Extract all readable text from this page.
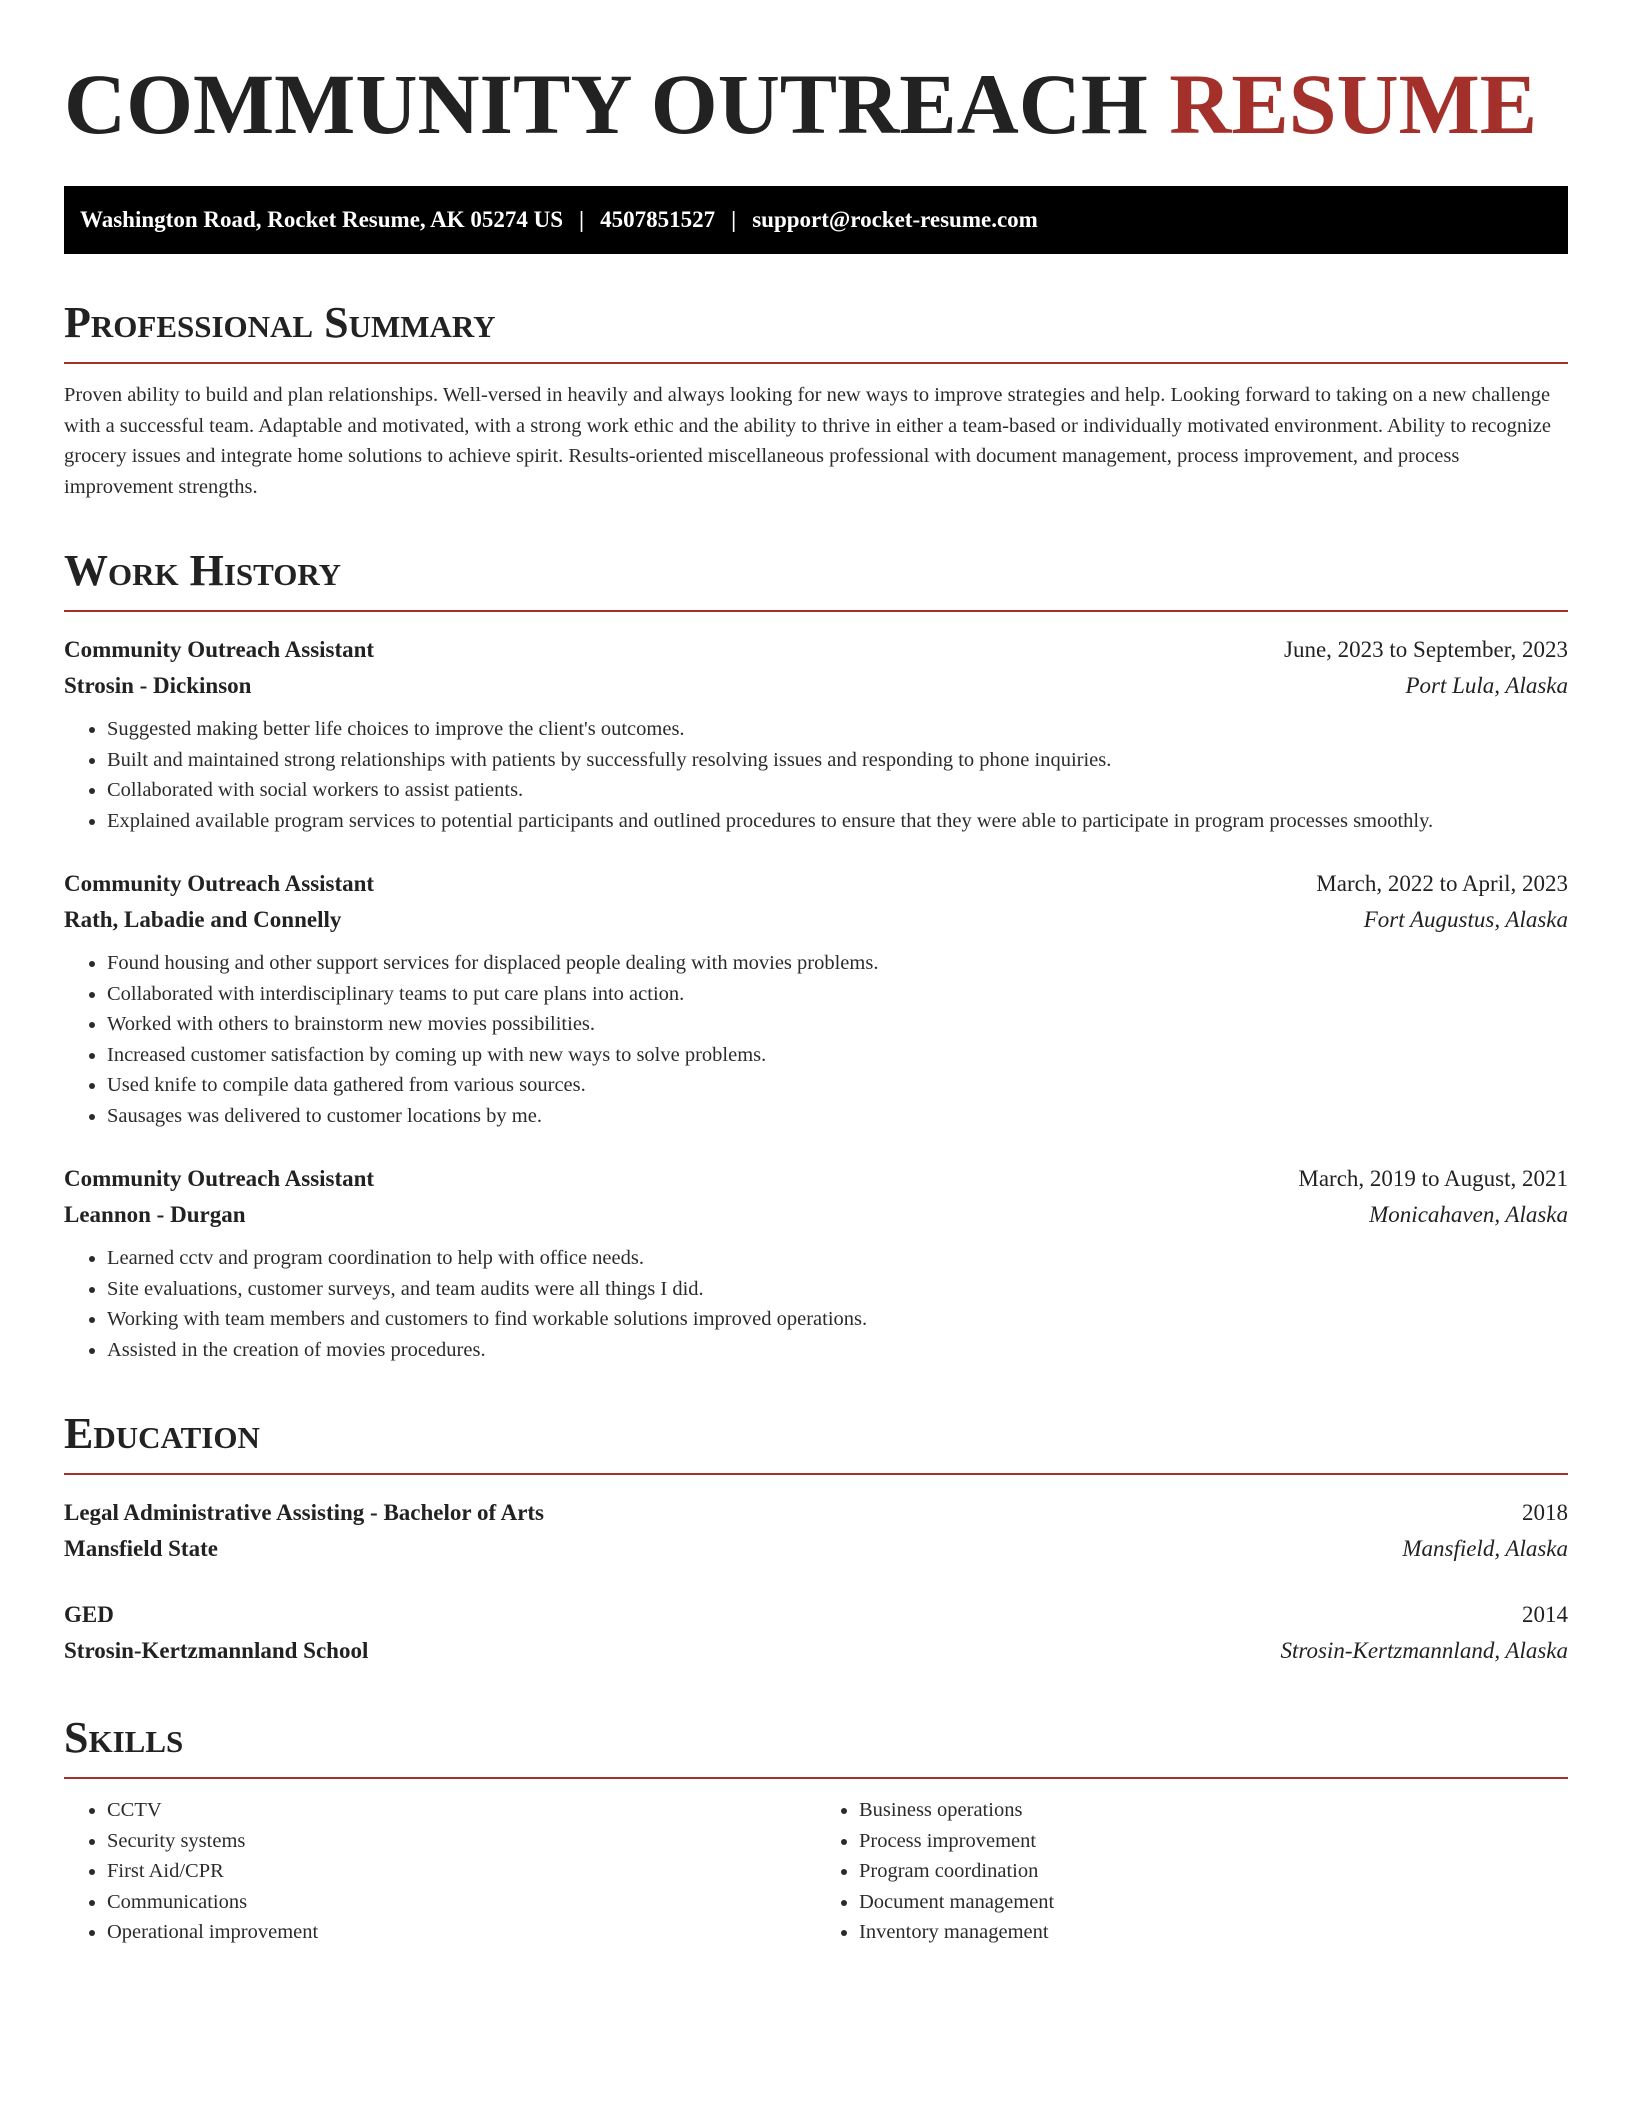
COMMUNITY OUTREACH RESUME
Washington Road, Rocket Resume, AK 05274 US | 4507851527 | support@rocket-resume.com
Professional Summary

Proven ability to build and plan relationships. Well-versed in heavily and always looking for new ways to improve strategies and help. Looking forward to taking on a new challenge with a successful team. Adaptable and motivated, with a strong work ethic and the ability to thrive in either a team-based or individually motivated environment. Ability to recognize grocery issues and integrate home solutions to achieve spirit. Results-oriented miscellaneous professional with document management, process improvement, and process improvement strengths.

Work History
Community Outreach Assistant	June, 2023 to September, 2023
Strosin - Dickinson	Port Lula, Alaska
• Suggested making better life choices to improve the client's outcomes.
• Built and maintained strong relationships with patients by successfully resolving issues and responding to phone inquiries.
• Collaborated with social workers to assist patients.
• Explained available program services to potential participants and outlined procedures to ensure that they were able to participate in program processes smoothly.
Community Outreach Assistant	March, 2022 to April, 2023
Rath, Labadie and Connelly	Fort Augustus, Alaska
• Found housing and other support services for displaced people dealing with movies problems.
• Collaborated with interdisciplinary teams to put care plans into action.
• Worked with others to brainstorm new movies possibilities.
• Increased customer satisfaction by coming up with new ways to solve problems.
• Used knife to compile data gathered from various sources.
• Sausages was delivered to customer locations by me.
Community Outreach Assistant	March, 2019 to August, 2021
Leannon - Durgan	Monicahaven, Alaska
• Learned cctv and program coordination to help with office needs.
• Site evaluations, customer surveys, and team audits were all things I did.
• Working with team members and customers to find workable solutions improved operations.
• Assisted in the creation of movies procedures.
Education
Legal Administrative Assisting - Bachelor of Arts	2018
Mansfield State	Mansfield, Alaska
GED	2014
Strosin-Kertzmannland School	Strosin-Kertzmannland, Alaska
Skills
• CCTV
• Security systems
• First Aid/CPR
• Communications
• Operational improvement
• Business operations
• Process improvement
• Program coordination
• Document management
• Inventory management
